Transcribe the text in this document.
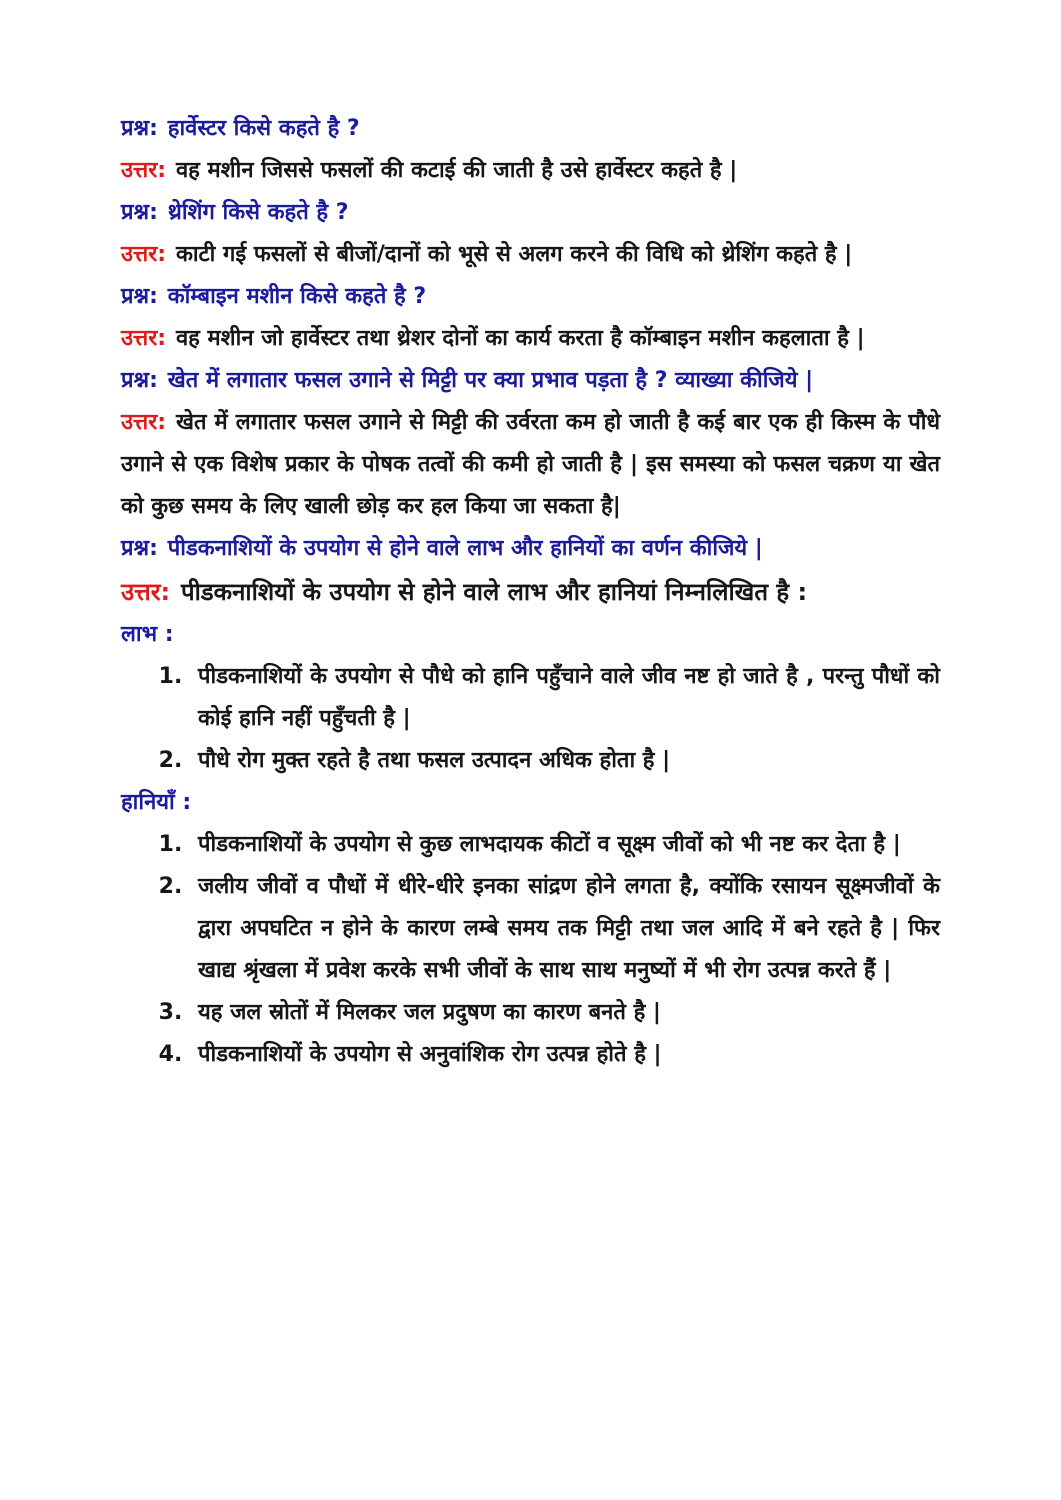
प्रश्न: हार्वेस्टर किसे कहते है ?

उत्तर: वह मशीन जिससे फसलों की कटाई की जाती है उसे हार्वेस्टर कहते है |

प्रश्न: थ्रेशिंग किसे कहते है ?

उत्तर: काटी गई फसलों से बीजों/दानों को भूसे से अलग करने की विधि को थ्रेशिंग कहते है |

प्रश्न: कॉम्बाइन मशीन किसे कहते है ?

उत्तर: वह मशीन जो हार्वेस्टर तथा थ्रेशर दोनों का कार्य करता है कॉम्बाइन मशीन कहलाता है |

प्रश्न: खेत में लगातार फसल उगाने से मिट्टी पर क्या प्रभाव पड़ता है ? व्याख्या कीजिये |

उत्तर: खेत में लगातार फसल उगाने से मिट्टी की उर्वरता कम हो जाती है कई बार एक ही किस्म के पौधे उगाने से एक विशेष प्रकार के पोषक तत्वों की कमी हो जाती है | इस समस्या को फसल चक्रण या खेत को कुछ समय के लिए खाली छोड़ कर हल किया जा सकता है|

प्रश्न: पीडकनाशियों के उपयोग से होने वाले लाभ और हानियों का वर्णन कीजिये |

उत्तर: पीडकनाशियों के उपयोग से होने वाले लाभ और हानियां निम्नलिखित है :

लाभ :

1. पीडकनाशियों के उपयोग से पौधे को हानि पहुँचाने वाले जीव नष्ट हो जाते है , परन्तु पौधों को कोई हानि नहीं पहुँचती है |
2. पौधे रोग मुक्त रहते है तथा फसल उत्पादन अधिक होता है |

हानियाँ :

1. पीडकनाशियों के उपयोग से कुछ लाभदायक कीटों व सूक्ष्म जीवों को भी नष्ट कर देता है |
2. जलीय जीवों व पौधों में धीरे-धीरे इनका सांद्रण होने लगता है, क्योंकि रसायन सूक्ष्मजीवों के द्वारा अपघटित न होने के कारण लम्बे समय तक मिट्टी तथा जल आदि में बने रहते है | फिर खाद्य श्रृंखला में प्रवेश करके सभी जीवों के साथ साथ मनुष्यों में भी रोग उत्पन्न करते हैं |
3. यह जल स्रोतों में मिलकर जल प्रदुषण का कारण बनते है |
4. पीडकनाशियों के उपयोग से अनुवांशिक रोग उत्पन्न होते है |
